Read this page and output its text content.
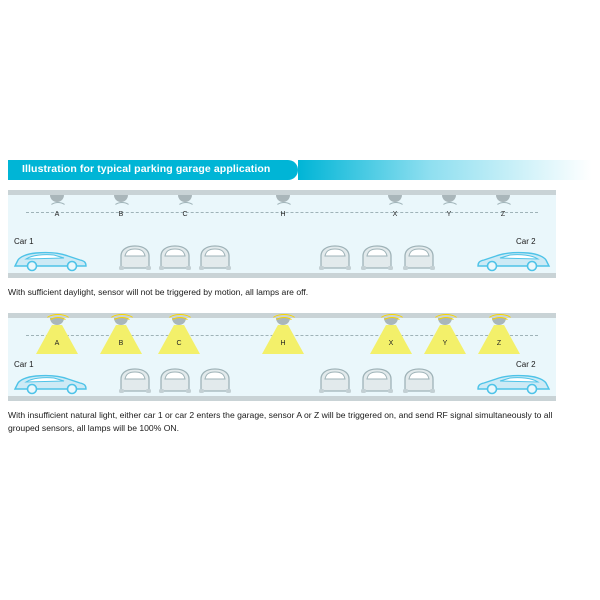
Illustration for typical parking garage application
A	B	C	H	X	Y	Z
Car 1	Car 2
With sufficient daylight, sensor will not be triggered by motion, all lamps are off.
A	B	C	H	X	Y	Z
Car 1	Car 2
With insufficient natural light, either car 1 or car 2 enters the garage, sensor A or Z will be triggered on, and send RF signal simultaneously to all grouped sensors, all lamps will be 100% ON.
